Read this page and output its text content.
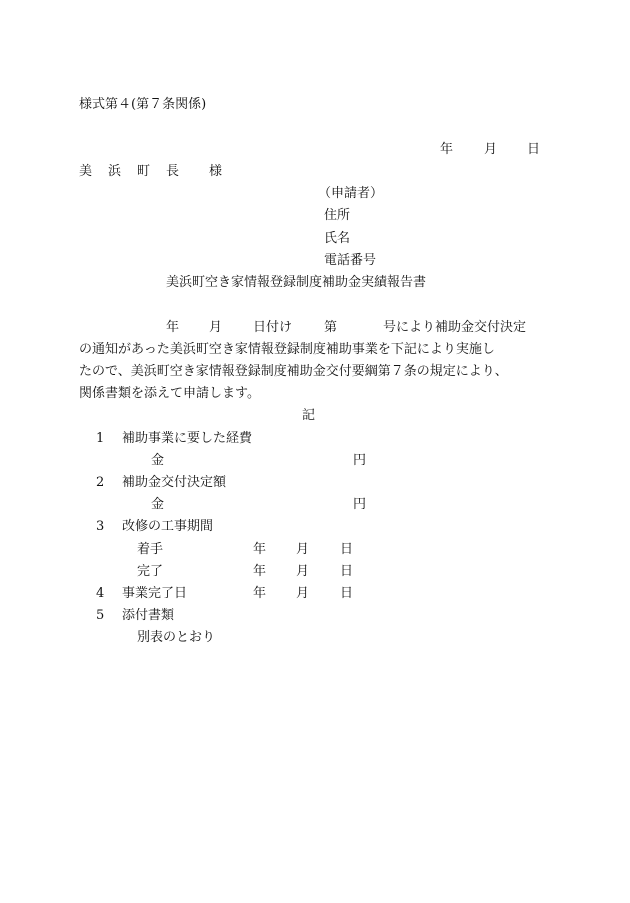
様式第４(第７条関係)
年 月 日
美 浜 町 長 様
（申請者）
住所
氏名
電話番号
美浜町空き家情報登録制度補助金実績報告書
年 月 日付け 第	号により補助金交付決定
の通知があった美浜町空き家情報登録制度補助事業を下記により実施し
たので、美浜町空き家情報登録制度補助金交付要綱第７条の規定により、
関係書類を添えて申請します。
記
1 補助事業に要した経費
金	円
2 補助金交付決定額
金	円
3 改修の工事期間
着手	年 月 日
完了	年 月 日
4 事業完了日	年 月 日
5 添付書類
別表のとおり
